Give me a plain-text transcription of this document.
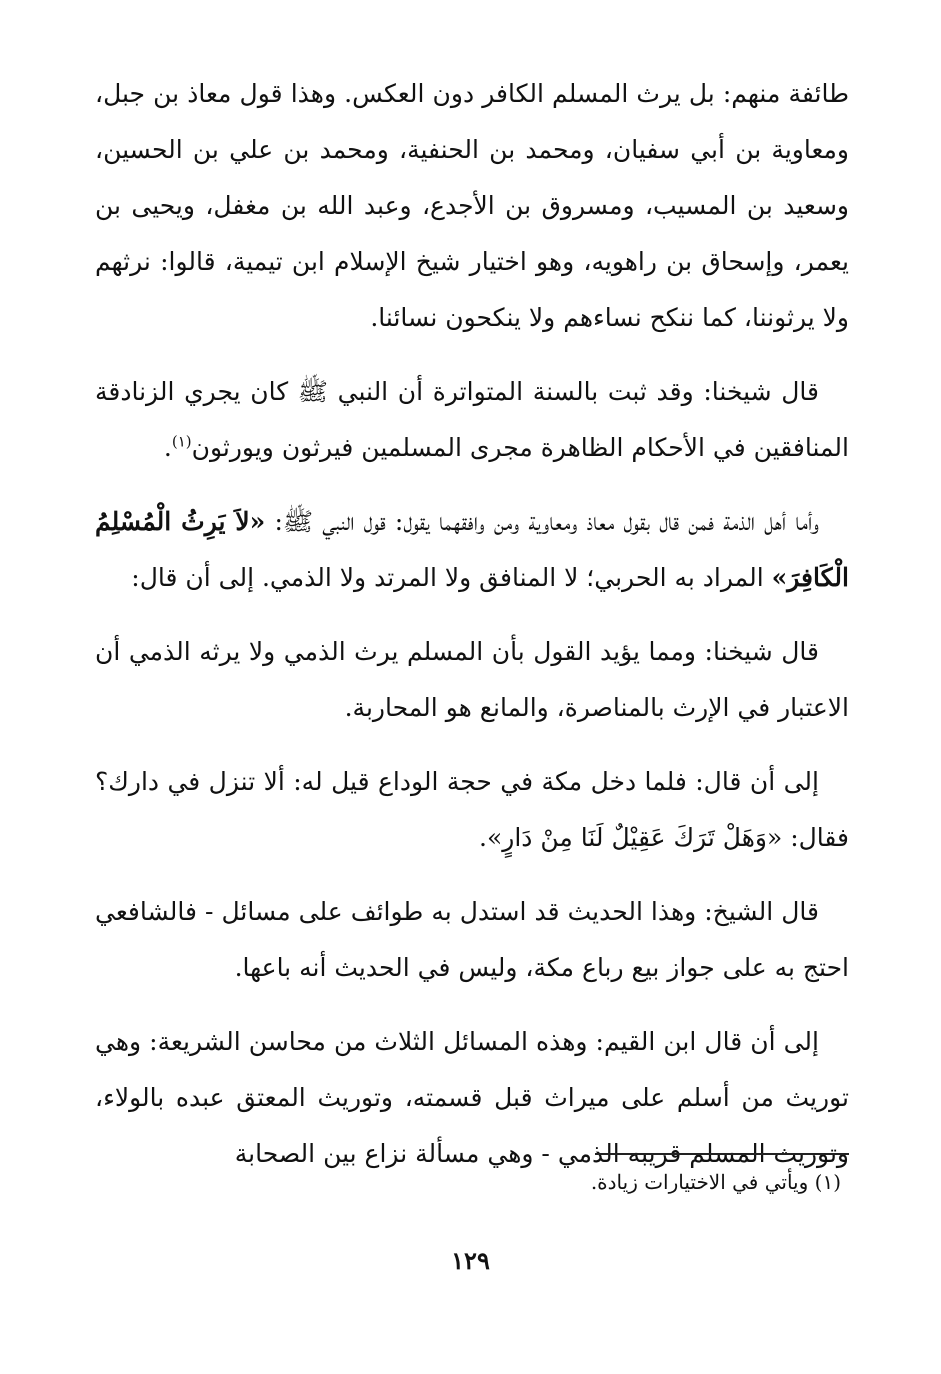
طائفة منهم: بل يرث المسلم الكافر دون العكس. وهذا قول معاذ بن جبل، ومعاوية بن أبي سفيان، ومحمد بن الحنفية، ومحمد بن علي بن الحسين، وسعيد بن المسيب، ومسروق بن الأجدع، وعبد الله بن مغفل، ويحيى بن يعمر، وإسحاق بن راهويه، وهو اختيار شيخ الإسلام ابن تيمية، قالوا: نرثهم ولا يرثوننا، كما ننكح نساءهم ولا ينكحون نسائنا.

قال شيخنا: وقد ثبت بالسنة المتواترة أن النبي ﷺ كان يجري الزنادقة المنافقين في الأحكام الظاهرة مجرى المسلمين فيرثون ويورثون$^{(١)}$.

وأما أهل الذمة فمن قال بقول معاذ ومعاوية ومن وافقهما يقول: قول النبي ﷺ: «لاَ يَرِثُ الْمُسْلِمُ الْكَافِرَ» المراد به الحربي؛ لا المنافق ولا المرتد ولا الذمي. إلى أن قال:

قال شيخنا: ومما يؤيد القول بأن المسلم يرث الذمي ولا يرثه الذمي أن الاعتبار في الإرث بالمناصرة، والمانع هو المحاربة.

إلى أن قال: فلما دخل مكة في حجة الوداع قيل له: ألا تنزل في دارك؟ فقال: «وَهَلْ تَرَكَ عَقِيْلٌ لَنَا مِنْ دَارٍ».

قال الشيخ: وهذا الحديث قد استدل به طوائف على مسائل - فالشافعي احتج به على جواز بيع رباع مكة، وليس في الحديث أنه باعها.

إلى أن قال ابن القيم: وهذه المسائل الثلاث من محاسن الشريعة: وهي توريث من أسلم على ميراث قبل قسمته، وتوريث المعتق عبده بالولاء، وتوريث المسلم قريبه الذمي - وهي مسألة نزاع بين الصحابة

(١) ويأتي في الاختيارات زيادة.
١٢٩
